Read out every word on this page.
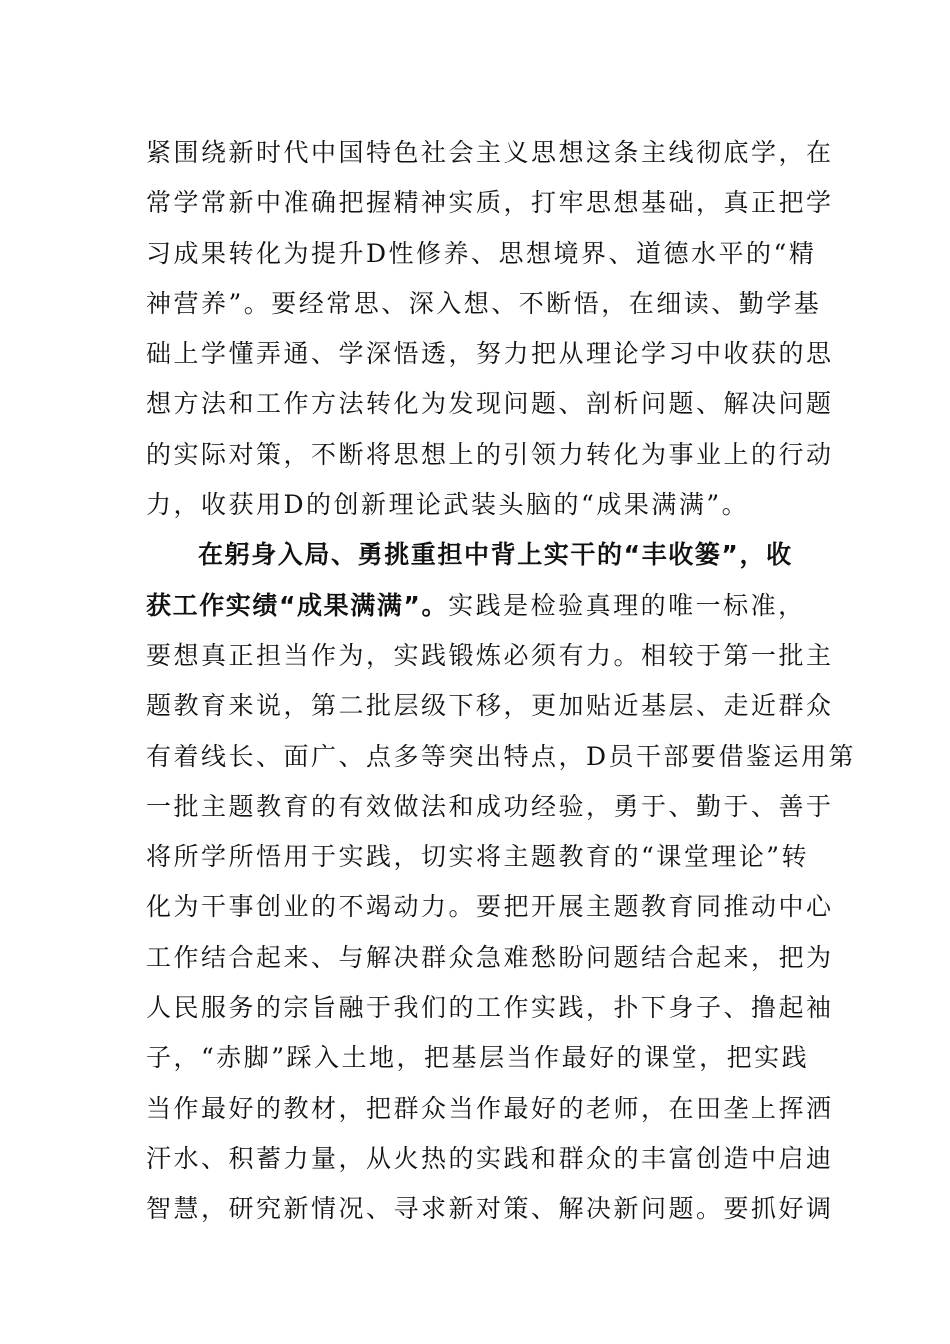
紧围绕新时代中国特色社会主义思想这条主线彻底学，在
常学常新中准确把握精神实质，打牢思想基础，真正把学
习成果转化为提升D性修养、思想境界、道德水平的“精
神营养”。要经常思、深入想、不断悟，在细读、勤学基
础上学懂弄通、学深悟透，努力把从理论学习中收获的思
想方法和工作方法转化为发现问题、剖析问题、解决问题
的实际对策，不断将思想上的引领力转化为事业上的行动
力，收获用D的创新理论武装头脑的“成果满满”。
在躬身入局、勇挑重担中背上实干的“丰收篓”，收
获工作实绩“成果满满”。实践是检验真理的唯一标准，
要想真正担当作为，实践锻炼必须有力。相较于第一批主
题教育来说，第二批层级下移，更加贴近基层、走近群众
有着线长、面广、点多等突出特点，D员干部要借鉴运用第
一批主题教育的有效做法和成功经验，勇于、勤于、善于
将所学所悟用于实践，切实将主题教育的“课堂理论”转
化为干事创业的不竭动力。要把开展主题教育同推动中心
工作结合起来、与解决群众急难愁盼问题结合起来，把为
人民服务的宗旨融于我们的工作实践，扑下身子、撸起袖
子，“赤脚”踩入土地，把基层当作最好的课堂，把实践
当作最好的教材，把群众当作最好的老师，在田垄上挥洒
汗水、积蓄力量，从火热的实践和群众的丰富创造中启迪
智慧，研究新情况、寻求新对策、解决新问题。要抓好调
